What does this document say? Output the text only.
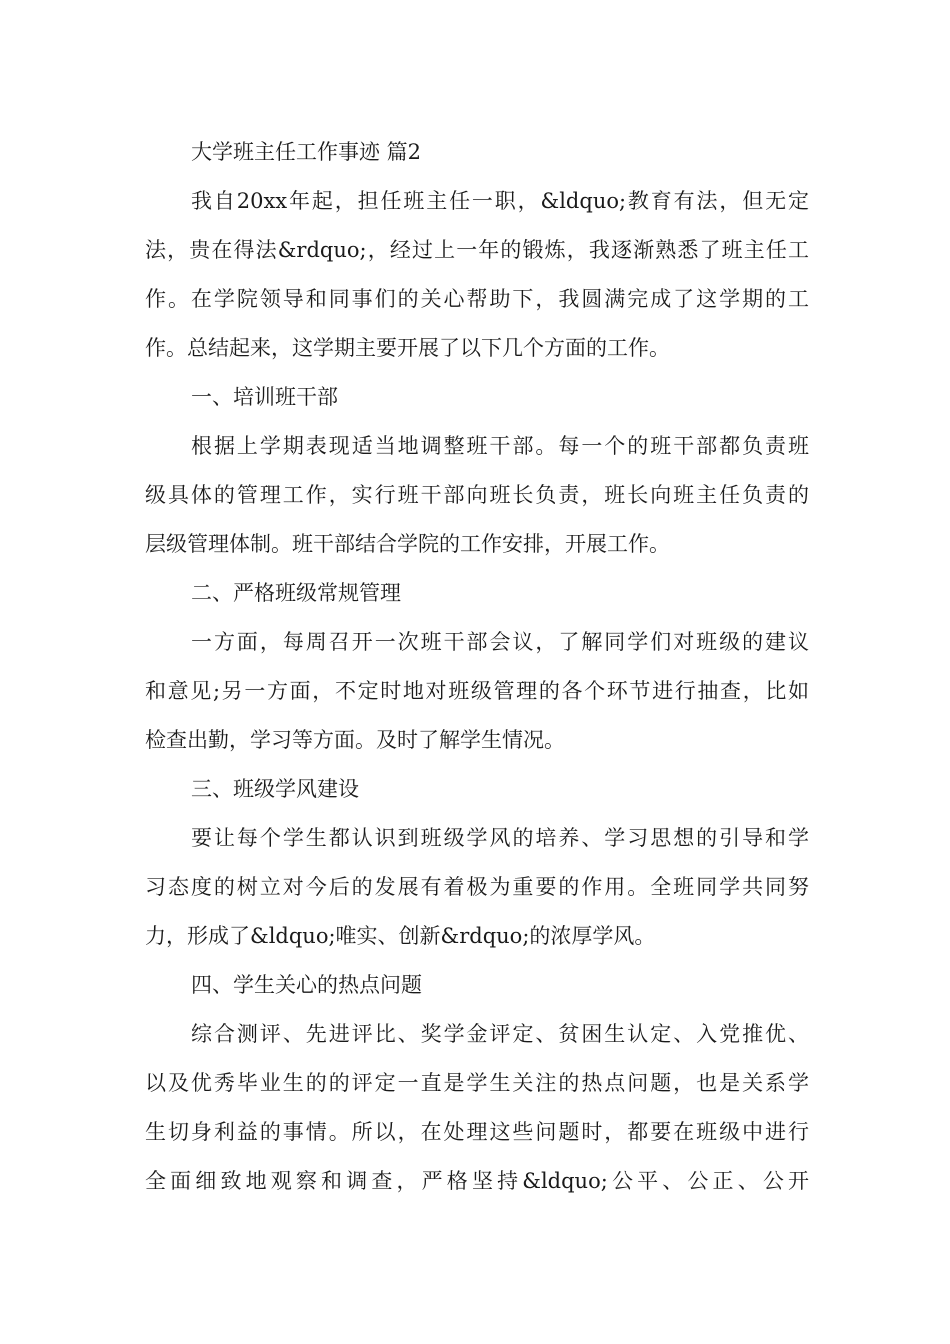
大学班主任工作事迹 篇2
我自20xx年起，担任班主任一职，&ldquo;教育有法，但无定
法，贵在得法&rdquo;，经过上一年的锻炼，我逐渐熟悉了班主任工
作。在学院领导和同事们的关心帮助下，我圆满完成了这学期的工
作。总结起来，这学期主要开展了以下几个方面的工作。
一、培训班干部
根据上学期表现适当地调整班干部。每一个的班干部都负责班
级具体的管理工作，实行班干部向班长负责，班长向班主任负责的
层级管理体制。班干部结合学院的工作安排，开展工作。
二、严格班级常规管理
一方面，每周召开一次班干部会议，了解同学们对班级的建议
和意见;另一方面，不定时地对班级管理的各个环节进行抽查，比如
检查出勤，学习等方面。及时了解学生情况。
三、班级学风建设
要让每个学生都认识到班级学风的培养、学习思想的引导和学
习态度的树立对今后的发展有着极为重要的作用。全班同学共同努
力，形成了&ldquo;唯实、创新&rdquo;的浓厚学风。
四、学生关心的热点问题
综合测评、先进评比、奖学金评定、贫困生认定、入党推优、
以及优秀毕业生的的评定一直是学生关注的热点问题，也是关系学
生切身利益的事情。所以，在处理这些问题时，都要在班级中进行
全面细致地观察和调查，严格坚持&ldquo;公平、公正、公开
